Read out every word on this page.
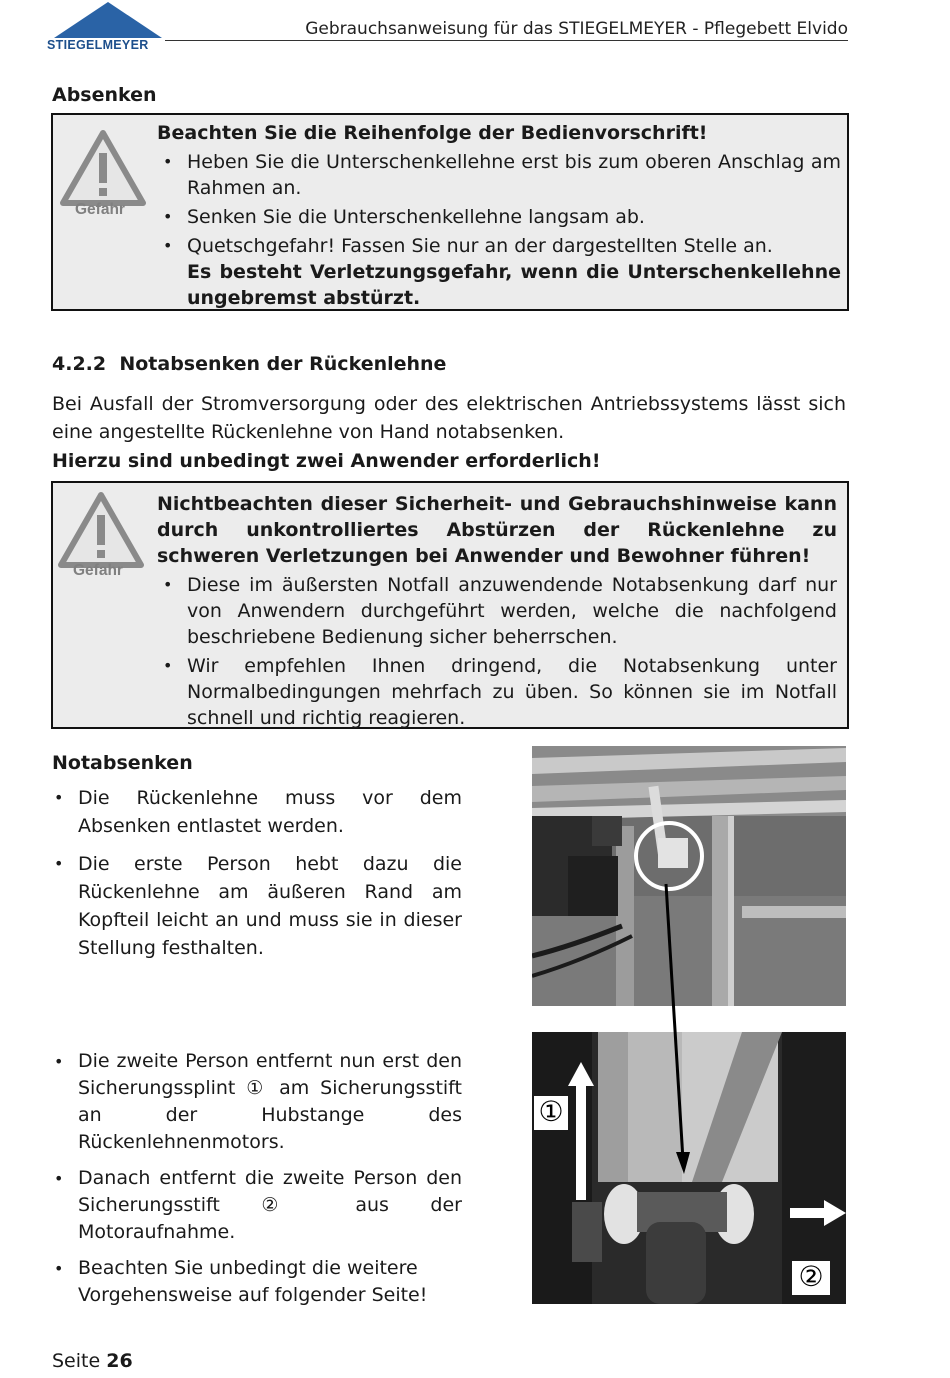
STIEGELMEYER
Gebrauchsanweisung für das STIEGELMEYER - Pflegebett Elvido
Absenken
Gefahr
Beachten Sie die Reihenfolge der Bedienvorschrift!
• Heben Sie die Unterschenkellehne erst bis zum oberen Anschlag am Rahmen an.
• Senken Sie die Unterschenkellehne langsam ab.
• Quetschgefahr! Fassen Sie nur an der dargestellten Stelle an.
Es besteht Verletzungsgefahr, wenn die Unterschenkellehne ungebremst abstürzt.
4.2.2 Notabsenken der Rückenlehne
Bei Ausfall der Stromversorgung oder des elektrischen Antriebssystems lässt sich eine angestellte Rückenlehne von Hand notabsenken.
Hierzu sind unbedingt zwei Anwender erforderlich!
Gefahr
Nichtbeachten dieser Sicherheit- und Gebrauchshinweise kann durch unkontrolliertes Abstürzen der Rückenlehne zu schweren Verletzungen bei Anwender und Bewohner führen!
• Diese im äußersten Notfall anzuwendende Notabsenkung darf nur von Anwendern durchgeführt werden, welche die nachfolgend beschriebene Bedienung sicher beherrschen.
• Wir empfehlen Ihnen dringend, die Notabsenkung unter Normalbedingungen mehrfach zu üben. So können sie im Notfall schnell und richtig reagieren.
Notabsenken
• Die Rückenlehne muss vor dem Absenken entlastet werden.
• Die erste Person hebt dazu die Rückenlehne am äußeren Rand am Kopfteil leicht an und muss sie in dieser Stellung festhalten.
• Die zweite Person entfernt nun erst den Sicherungssplint ① am Sicherungsstift an der Hubstange des Rückenlehnenmotors.
• Danach entfernt die zweite Person den Sicherungsstift ② aus der Motoraufnahme.
• Beachten Sie unbedingt die weitere Vorgehensweise auf folgender Seite!
①
②
Seite 26
